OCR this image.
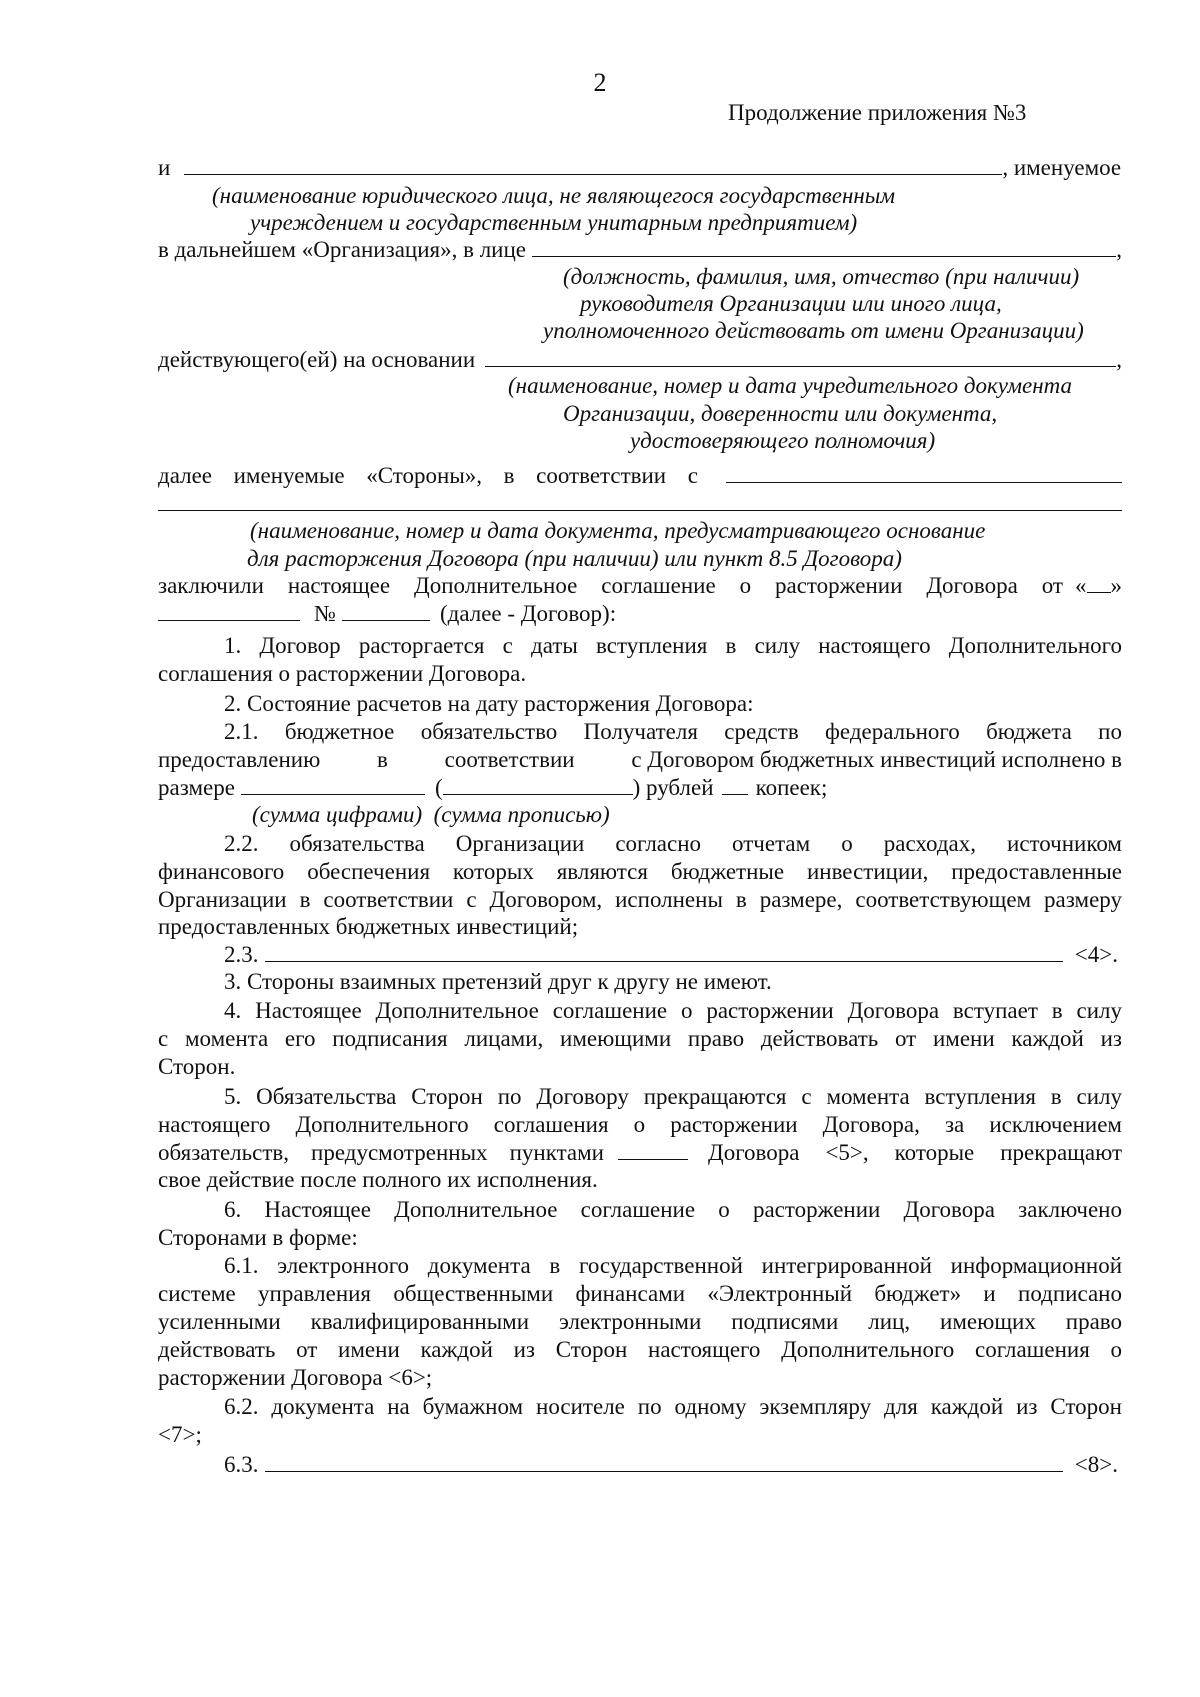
2
Продолжение приложения №3
и	, именуемое
(наименование юридического лица, не являющегося государственным
учреждением и государственным унитарным предприятием)
в дальнейшем «Организация», в лице	,
(должность, фамилия, имя, отчество (при наличии)
руководителя Организации или иного лица,
уполномоченного действовать от имени Организации)
действующего(ей) на основании	,
(наименование, номер и дата учредительного документа
Организации, доверенности или документа,
удостоверяющего полномочия)
далее именуемые «Стороны», в соответствии с
(наименование, номер и дата документа, предусматривающего основание
для расторжения Договора (при наличии) или пункт 8.5 Договора)
заключили настоящее Дополнительное соглашение о расторжении Договора от « »
№	(далее - Договор):
1. Договор расторгается с даты вступления в силу настоящего Дополнительного
соглашения о расторжении Договора.
2. Состояние расчетов на дату расторжения Договора:
2.1. бюджетное обязательство Получателя средств федерального бюджета по
предоставлению в соответствии с Договором бюджетных инвестиций исполнено в
размере	(	) рублей копеек;
(сумма цифрами)  (сумма прописью)
2.2. обязательства Организации согласно отчетам о расходах, источником
финансового обеспечения которых являются бюджетные инвестиции, предоставленные
Организации в соответствии с Договором, исполнены в размере, соответствующем размеру
предоставленных бюджетных инвестиций;
2.3.	<4>.
3. Стороны взаимных претензий друг к другу не имеют.
4. Настоящее Дополнительное соглашение о расторжении Договора вступает в силу
с момента его подписания лицами, имеющими право действовать от имени каждой из
Сторон.
5. Обязательства Сторон по Договору прекращаются с момента вступления в силу
настоящего Дополнительного соглашения о расторжении Договора, за исключением
обязательств, предусмотренных пунктами	Договора <5>, которые прекращают
свое действие после полного их исполнения.
6. Настоящее Дополнительное соглашение о расторжении Договора заключено
Сторонами в форме:
6.1. электронного документа в государственной интегрированной информационной
системе управления общественными финансами «Электронный бюджет» и подписано
усиленными квалифицированными электронными подписями лиц, имеющих право
действовать от имени каждой из Сторон настоящего Дополнительного соглашения о
расторжении Договора <6>;
6.2. документа на бумажном носителе по одному экземпляру для каждой из Сторон
<7>;
6.3.	<8>.
